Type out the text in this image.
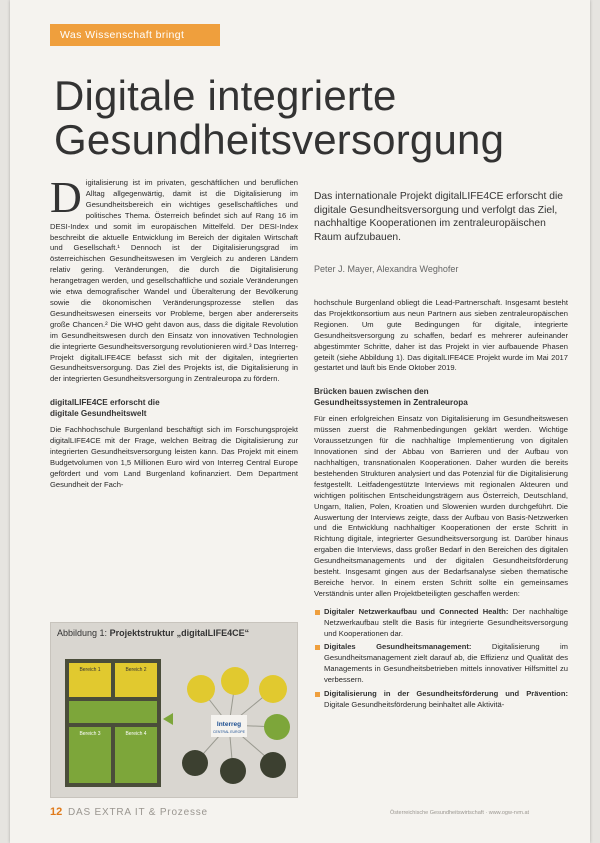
Was Wissenschaft bringt
Digitale integrierte
Gesundheitsversorgung

Digitalisierung ist im privaten, geschäftlichen und beruflichen Alltag allgegenwärtig, damit ist die Digitalisierung im Gesundheitsbereich ein wichtiges gesellschaftliches und politisches Thema. Österreich befindet sich auf Rang 16 im DESI-Index und somit im europäischen Mittelfeld. Der DESI-Index beschreibt die aktuelle Entwicklung im Bereich der digitalen Wirtschaft und Gesellschaft.¹ Dennoch ist der Digitalisierungsgrad im österreichischen Gesundheitswesen im Vergleich zu anderen Ländern relativ gering. Veränderungen, die durch die Digitalisierung herangetragen werden, und gesellschaftliche und soziale Veränderungen wie etwa demografischer Wandel und Überalterung der Bevölkerung sowie die ökonomischen Veränderungsprozesse stellen das Gesundheitswesen einerseits vor Probleme, bergen aber andererseits große Chancen.² Die WHO geht davon aus, dass die digitale Revolution im Gesundheitswesen durch den Einsatz von innovativen Technologien die integrierte Gesundheitsversorgung revolutionieren wird.³ Das Interreg-Projekt digitalLIFE4CE befasst sich mit der digitalen, integrierten Gesundheitsversorgung. Das Ziel des Projekts ist, die Digitalisierung in der integrierten Gesundheitsversorgung in Zentraleuropa zu fördern.

digitalLIFE4CE erforscht die
digitale Gesundheitswelt

Die Fachhochschule Burgenland beschäftigt sich im Forschungsprojekt digitalLIFE4CE mit der Frage, welchen Beitrag die Digitalisierung zur integrierten Gesundheitsversorgung leisten kann. Das Projekt mit einem Budgetvolumen von 1,5 Millionen Euro wird von Interreg Central Europe gefördert und vom Land Burgenland kofinanziert. Dem Department Gesundheit der Fach-

Das internationale Projekt digitalLIFE4CE erforscht die digitale Gesundheitsversorgung und verfolgt das Ziel, nachhaltige Kooperationen im zentraleuropäischen Raum aufzubauen.

Peter J. Mayer, Alexandra Weghofer

hochschule Burgenland obliegt die Lead-Partnerschaft. Insgesamt besteht das Projektkonsortium aus neun Partnern aus sieben zentraleuropäischen Regionen. Um gute Bedingungen für digitale, integrierte Gesundheitsversorgung zu schaffen, bedarf es mehrerer aufeinander abgestimmter Schritte, daher ist das Projekt in vier aufbauende Phasen geteilt (siehe Abbildung 1). Das digitalLIFE4CE Projekt wurde im Mai 2017 gestartet und läuft bis Ende Oktober 2019.

Brücken bauen zwischen den
Gesundheitssystemen in Zentraleuropa

Für einen erfolgreichen Einsatz von Digitalisierung im Gesundheitswesen müssen zuerst die Rahmenbedingungen geklärt werden. Wichtige Voraussetzungen für die nachhaltige Implementierung von digitalen Innovationen sind der Abbau von Barrieren und der Aufbau von nachhaltigen, transnationalen Kooperationen. Daher wurden die bereits bestehenden Strukturen analysiert und das Potenzial für die Digitalisierung festgestellt. Leitfadengestützte Interviews mit regionalen Akteuren und wichtigen politischen Entscheidungsträgern aus Österreich, Deutschland, Ungarn, Italien, Polen, Kroatien und Slowenien wurden durchgeführt. Die Auswertung der Interviews zeigte, dass der Aufbau von Basis-Netzwerken und die Entwicklung nachhaltiger Kooperationen der erste Schritt in Richtung digitale, integrierter Gesundheitsversorgung ist. Darüber hinaus ergaben die Interviews, dass großer Bedarf in den Bereichen des digitalen Gesundheitsmanagements und der digitalen Gesundheitsförderung besteht. Insgesamt gingen aus der Bedarfsanalyse sieben thematische Bereiche hervor. In einem ersten Schritt sollte ein gemeinsames Verständnis unter allen Projektbeteiligten geschaffen werden:

Digitaler Netzwerkaufbau und Connected Health: Der nachhaltige Netzwerkaufbau stellt die Basis für integrierte Gesundheitsversorgung und Kooperationen dar.
Digitales Gesundheitsmanagement: Digitalisierung im Gesundheitsmanagement zielt darauf ab, die Effizienz und Qualität des Managements in Gesundheitsbetrieben mittels innovativer Hilfsmittel zu verbessern.
Digitalisierung in der Gesundheitsförderung und Prävention: Digitale Gesundheitsförderung beinhaltet alle Aktivitä-
Abbildung 1: Projektstruktur „digitalLIFE4CE“
Bereich 1	Bereich 2
Bereich 3	Bereich 4
Interreg
CENTRAL EUROPE
12 DAS EXTRA IT & Prozesse	Österreichische Gesundheitswirtschaft · www.ogw-rvm.at
